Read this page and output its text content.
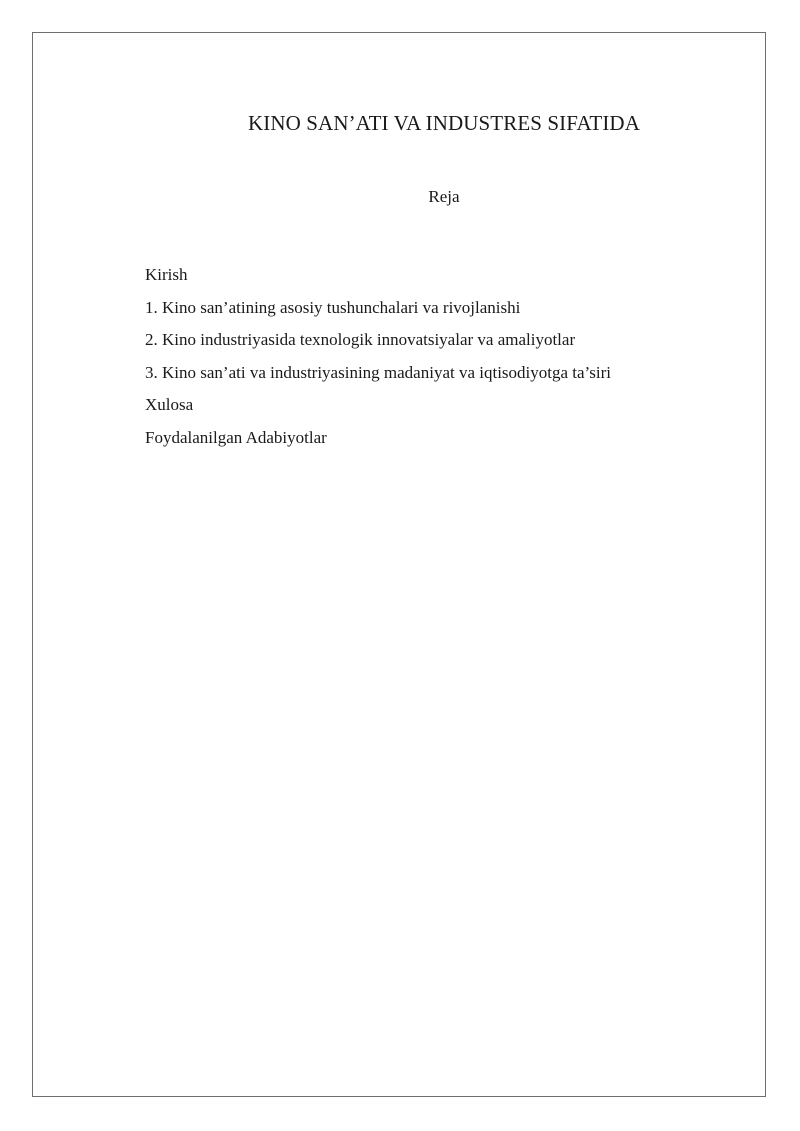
KINO SAN’ATI VA INDUSTRES SIFATIDA
Reja
Kirish
1. Kino san’atining asosiy tushunchalari va rivojlanishi
2. Kino industriyasida texnologik innovatsiyalar va amaliyotlar
3. Kino san’ati va industriyasining madaniyat va iqtisodiyotga ta’siri
Xulosa
Foydalanilgan Adabiyotlar
